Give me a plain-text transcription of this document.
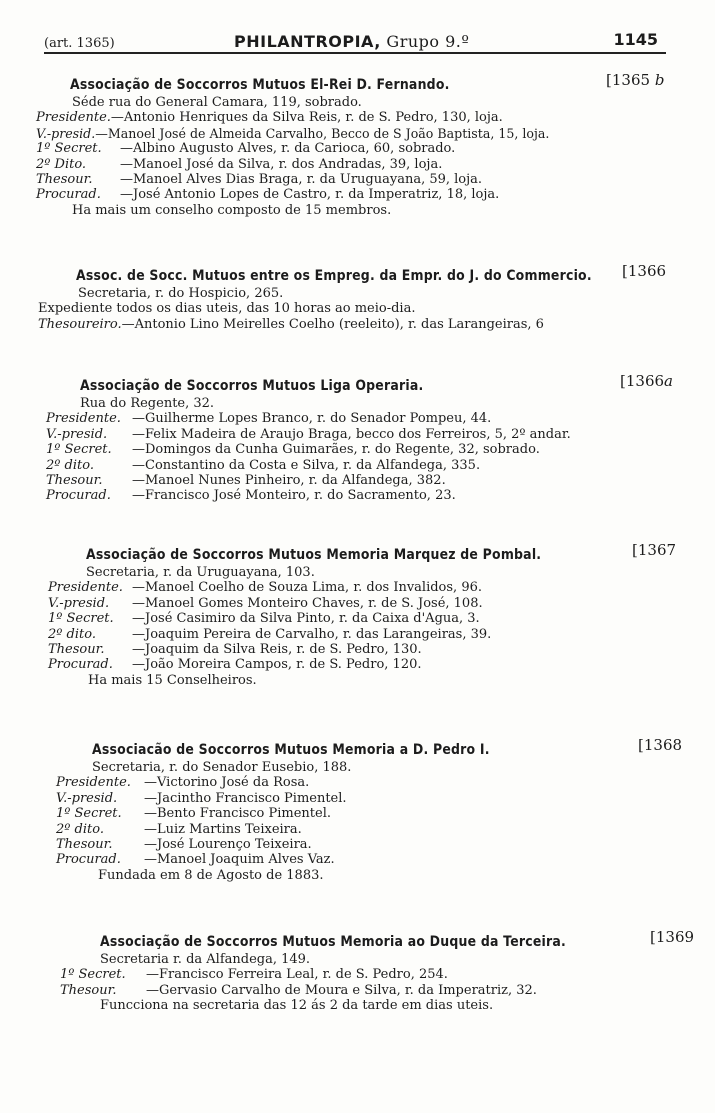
(art. 1365)	PHILANTROPIA, Grupo 9.º	1145
Associação de Soccorros Mutuos El-Rei D. Fernando.	[1365 b
Séde rua do General Camara, 119, sobrado.
Presidente.—Antonio Henriques da Silva Reis, r. de S. Pedro, 130, loja.
V.-presid.—Manoel José de Almeida Carvalho, Becco de S João Baptista, 15, loja.
1º Secret. —Albino Augusto Alves, r. da Carioca, 60, sobrado.
2º Dito.	—Manoel José da Silva, r. dos Andradas, 39, loja.
Thesour. —Manoel Alves Dias Braga, r. da Uruguayana, 59, loja.
Procurad. —José Antonio Lopes de Castro, r. da Imperatriz, 18, loja.
Ha mais um conselho composto de 15 membros.
Assoc. de Socc. Mutuos entre os Empreg. da Empr. do J. do Commercio. [1366
Secretaria, r. do Hospicio, 265.
Expediente todos os dias uteis, das 10 horas ao meio-dia.
Thesoureiro.—Antonio Lino Meirelles Coelho (reeleito), r. das Larangeiras, 6
Associação de Soccorros Mutuos Liga Operaria.	[1366a
Rua do Regente, 32.
Presidente. —Guilherme Lopes Branco, r. do Senador Pompeu, 44.
V.-presid. —Felix Madeira de Araujo Braga, becco dos Ferreiros, 5, 2º andar.
1º Secret. —Domingos da Cunha Guimarães, r. do Regente, 32, sobrado.
2º dito.	—Constantino da Costa e Silva, r. da Alfandega, 335.
Thesour. —Manoel Nunes Pinheiro, r. da Alfandega, 382.
Procurad. —Francisco José Monteiro, r. do Sacramento, 23.
Associação de Soccorros Mutuos Memoria Marquez de Pombal.	[1367
Secretaria, r. da Uruguayana, 103.
Presidente. —Manoel Coelho de Souza Lima, r. dos Invalidos, 96.
V.-presid. —Manoel Gomes Monteiro Chaves, r. de S. José, 108.
1º Secret. —José Casimiro da Silva Pinto, r. da Caixa d'Agua, 3.
2º dito.	—Joaquim Pereira de Carvalho, r. das Larangeiras, 39.
Thesour. —Joaquim da Silva Reis, r. de S. Pedro, 130.
Procurad. —João Moreira Campos, r. de S. Pedro, 120.
Ha mais 15 Conselheiros.
Associacão de Soccorros Mutuos Memoria a D. Pedro I.	[1368
Secretaria, r. do Senador Eusebio, 188.
Presidente. —Victorino José da Rosa.
V.-presid. —Jacintho Francisco Pimentel.
1º Secret. —Bento Francisco Pimentel.
2º dito.	—Luiz Martins Teixeira.
Thesour. —José Lourenço Teixeira.
Procurad. —Manoel Joaquim Alves Vaz.
Fundada em 8 de Agosto de 1883.
Associação de Soccorros Mutuos Memoria ao Duque da Terceira.	[1369
Secretaria r. da Alfandega, 149.
1º Secret. —Francisco Ferreira Leal, r. de S. Pedro, 254.
Thesour. —Gervasio Carvalho de Moura e Silva, r. da Imperatriz, 32.
Funcciona na secretaria das 12 ás 2 da tarde em dias uteis.
